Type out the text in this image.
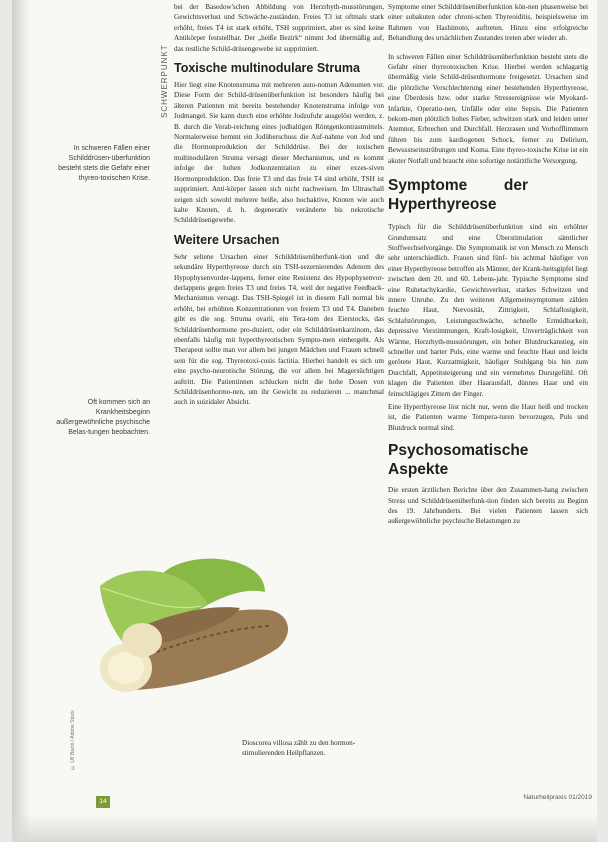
SCHWERPUNKT
In schweren Fällen einer Schilddrüsen-überfunktion besteht stets die Gefahr einer thyreo-toxischen Krise.
Oft kommen sich an Krankheitsbeginn außergewöhnliche psychische Belas-tungen beobachten.

bei der Basedow'schen Abbildung von Herzrhyth-musstörungen, Gewichtsverlust und Schwäche-zuständen. Freies T3 ist oftmals stark erhöht, freies T4 ist stark erhöht, TSH supprimiert, aber es sind keine Antikörper feststellbar. Der „heiße Bezirk“ nimmt Jod übermäßig auf, das restliche Schild-drüsengewebe ist supprimiert.

Toxische multinodulare Struma

Hier liegt eine Knotenstruma mit mehreren auto-nomen Adenomen vor. Diese Form der Schild-drüsenüberfunktion ist besonders häufig bei älteren Patienten mit bereits bestehender Knotenstruma infolge von Jodmangel. Sie kann durch eine erhöhte Jodzufuhr ausgelöst werden, z. B. durch die Verab-reichung eines jodhaltigen Röntgenkontrastmittels. Normalerweise hemmt ein Jodüberschuss die Auf-nahme von Jod und die Hormonproduktion der Schilddrüse. Bei der toxischen multinodulären Struma versagt dieser Mechanismus, und es kommt infolge der hohen Jodkonzentration zu einer exzes-siven Hormonproduktion. Das freie T3 und das freie T4 sind erhöht, TSH ist supprimiert. Anti-körper lassen sich nicht nachweisen. Im Ultraschall zeigen sich sowohl mehrere heiße, also hochaktive, Knoten wie auch kalte Knoten, d. h. degenerativ veränderte bis nekrotische Schilddrüsengewebe.

Weitere Ursachen
Sehr seltene Ursachen einer Schilddrüsenüberfunk-tion und die sekundäre Hyperthyreose durch ein TSH-sezernierendes Adenom des Hypophysenvorder-lappens, ferner eine Resistenz des Hypophysenvor-derlappens gegen freies T3 und freies T4, weil der negative Feedback-Mechanismus versagt. Das TSH-Spiegel ist in diesem Fall normal bis erhöht, bei erhöhten Konzentrationen von freiem T3 und T4. Daneben gibt es die sog. Struma ovarii, ein Tera-tom des Eierstocks, das Schilddrüsenhormone pro-duziert, oder ein Schilddrüsenkarzinom, das ebenfalls häufig mit hyperthyreotischen Sympto-men einhergeht. Als Therapeut sollte man vor allem bei jungen Mädchen und Frauen schnell sein für die sog. Thyreotoxi-cosis factitia. Hierbei handelt es sich um eine psycho-neurotische Störung, die vor allem bei Magersüchtigen auftritt. Die Patientinnen schlucken nicht die hohe Dosen von Schilddrüsenhormo-nen, um ihr Gewicht zu reduzieren ... manchmal auch in suizidaler Absicht.
© Ulf Bazin / Adobe Stock	Dioscorea villosa zählt zu den hormon-stimulierenden Heilpflanzen.

Symptome einer Schilddrüsenüberfunktion kön-nen phasenweise bei einer subakuten oder chroni-schen Thyreoiditis, beispielsweise im Rahmen von Hashimoto, auftreten. Hinzu eine erfolgreiche Behandlung des ursächlichen Zustandes treten aber wieder ab.

In schweren Fällen einer Schilddrüsenüberfunktion besteht stets die Gefahr einer thyreotoxischen Krise. Hierbei werden schlagartig übermäßig viele Schild-drüsenhormone freigesetzt. Ursachen sind die plötzliche Verschlechterung einer bestehenden Hyperthyreose, eine Überdosis bzw. oder starke Stressereignisse wie Myokard-Infarkte, Operatio-nen, Unfälle oder eine Sepsis. Die Patienten bekom-men plötzlich hohes Fieber, schwitzen stark und leiden unter Atemnot, Erbrechen und Durchfall. Herzrasen und Vorhofflimmern führen bis zum kardiogenen Schock, ferner zu Delirium, Bewusstseinstrübungen und Koma. Eine thyreo-toxische Krise ist ein akuter Notfall und braucht eine sofortige notärztliche Versorgung.

Symptome der Hyperthyreose

Typisch für die Schilddrüsenüberfunktion sind ein erhöhter Grundumsatz und eine Überstimulation sämtlicher Stoffwechselvorgänge. Die Symptomatik ist von Mensch zu Mensch sehr unterschiedlich. Frauen sind fünf- bis achtmal häufiger von einer Hyperthyreose betroffen als Männer, der Krank-heitsgipfel liegt zwischen dem 20. und 60. Lebens-jahr. Typische Symptome sind eine Ruhetachykardie, Gewichtsverlust, starkes Schwitzen und innere Unruhe. Zu den weiteren Allgemeinsymptomen zählen feuchte Haut, Nervosität, Zittrigkeit, Schlaflosigkeit, Schlafstörungen, Leistungsschwäche, schnelle Ermüdbarkeit, depressive Verstimmungen, Kraft-losigkeit, Unverträglichkeit von Wärme, Herzrhyth-musstörungen, ein hoher Blutdruckanstieg, ein schneller und harter Puls, eine warme und feuchte Haut und leicht gerötete Haut, Kurzatmigkeit, häufiger Stuhlgang bis hin zum Durchfall, Appetitsteigerung und ein vermehrtes Durstgefühl. Oft klagen die Patienten über Haarausfall, dünnes Haar und ein feinschlägiges Zittern der Finger.

Eine Hyperthyreose löst nicht nur, wenn die Haut heiß und trocken ist, die Patienten warme Tempera-turen bevorzugen, Puls und Blutdruck normal sind.

Psychosomatische Aspekte

Die ersten ärztlichen Berichte über den Zusammen-hang zwischen Stress und Schilddrüsenüberfunk-tion finden sich bereits zu Beginn des 19. Jahrhunderts. Bei vielen Patienten lassen sich außergewöhnliche psychische Belastungen zu

14
Naturheilpraxis 01/2019
